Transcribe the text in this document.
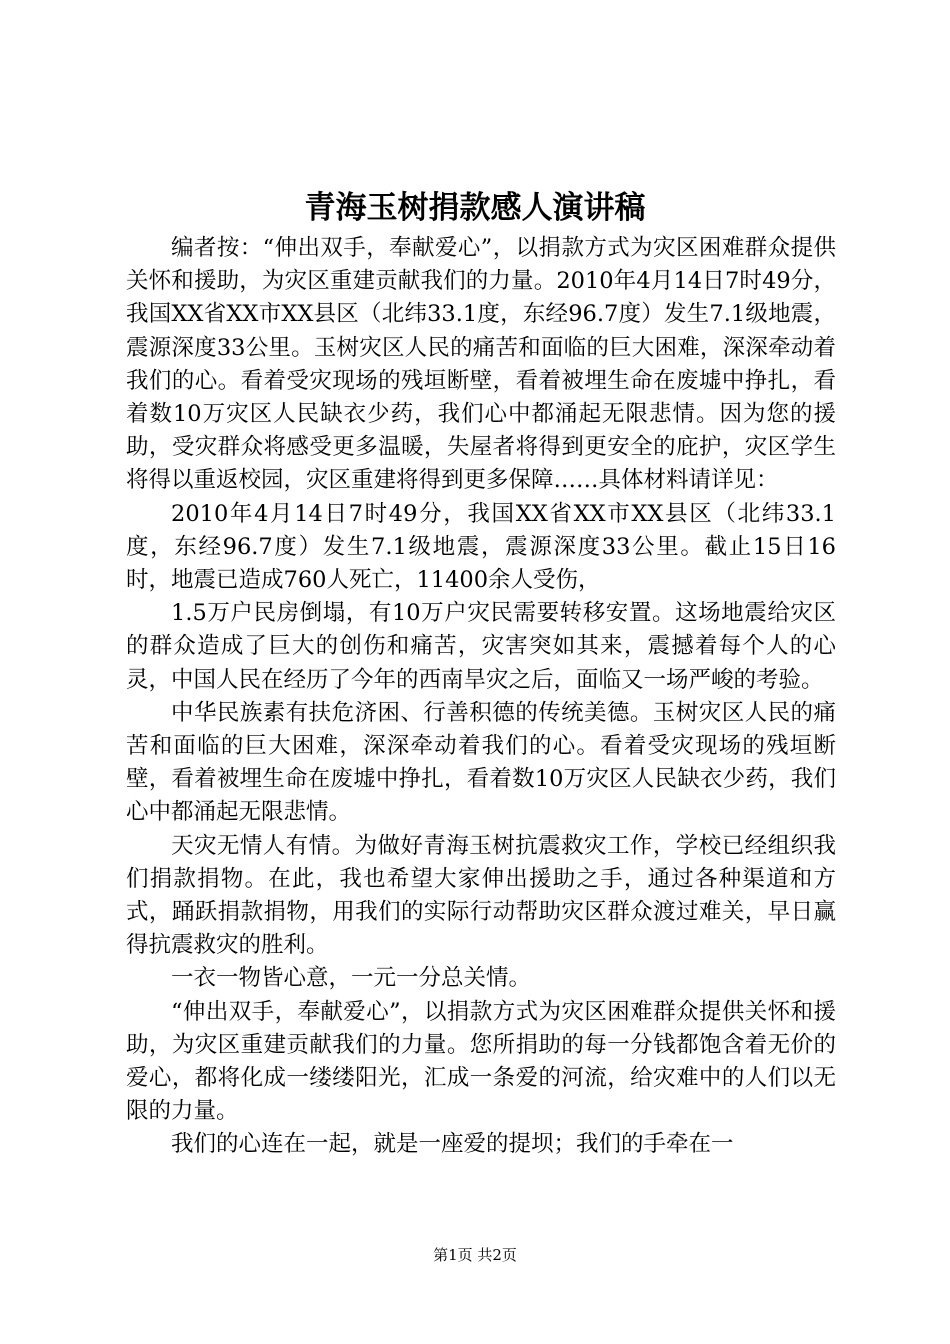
青海玉树捐款感人演讲稿

编者按：“伸出双手，奉献爱心”，以捐款方式为灾区困难群众提供关怀和援助，为灾区重建贡献我们的力量。2010年4月14日7时49分，我国XX省XX市XX县区（北纬33.1度，东经96.7度）发生7.1级地震，震源深度33公里。玉树灾区人民的痛苦和面临的巨大困难，深深牵动着我们的心。看着受灾现场的残垣断壁，看着被埋生命在废墟中挣扎，看着数10万灾区人民缺衣少药，我们心中都涌起无限悲情。因为您的援助，受灾群众将感受更多温暖，失屋者将得到更安全的庇护，灾区学生将得以重返校园，灾区重建将得到更多保障……具体材料请详见：

2010年4月14日7时49分，我国XX省XX市XX县区（北纬33.1度，东经96.7度）发生7.1级地震，震源深度33公里。截止15日16时，地震已造成760人死亡，11400余人受伤，

1.5万户民房倒塌，有10万户灾民需要转移安置。这场地震给灾区的群众造成了巨大的创伤和痛苦，灾害突如其来，震撼着每个人的心灵，中国人民在经历了今年的西南旱灾之后，面临又一场严峻的考验。

中华民族素有扶危济困、行善积德的传统美德。玉树灾区人民的痛苦和面临的巨大困难，深深牵动着我们的心。看着受灾现场的残垣断壁，看着被埋生命在废墟中挣扎，看着数10万灾区人民缺衣少药，我们心中都涌起无限悲情。

天灾无情人有情。为做好青海玉树抗震救灾工作，学校已经组织我们捐款捐物。在此，我也希望大家伸出援助之手，通过各种渠道和方式，踊跃捐款捐物，用我们的实际行动帮助灾区群众渡过难关，早日赢得抗震救灾的胜利。

一衣一物皆心意，一元一分总关情。

“伸出双手，奉献爱心”，以捐款方式为灾区困难群众提供关怀和援助，为灾区重建贡献我们的力量。您所捐助的每一分钱都饱含着无价的爱心，都将化成一缕缕阳光，汇成一条爱的河流，给灾难中的人们以无限的力量。

我们的心连在一起，就是一座爱的提坝；我们的手牵在一

第1页 共2页
